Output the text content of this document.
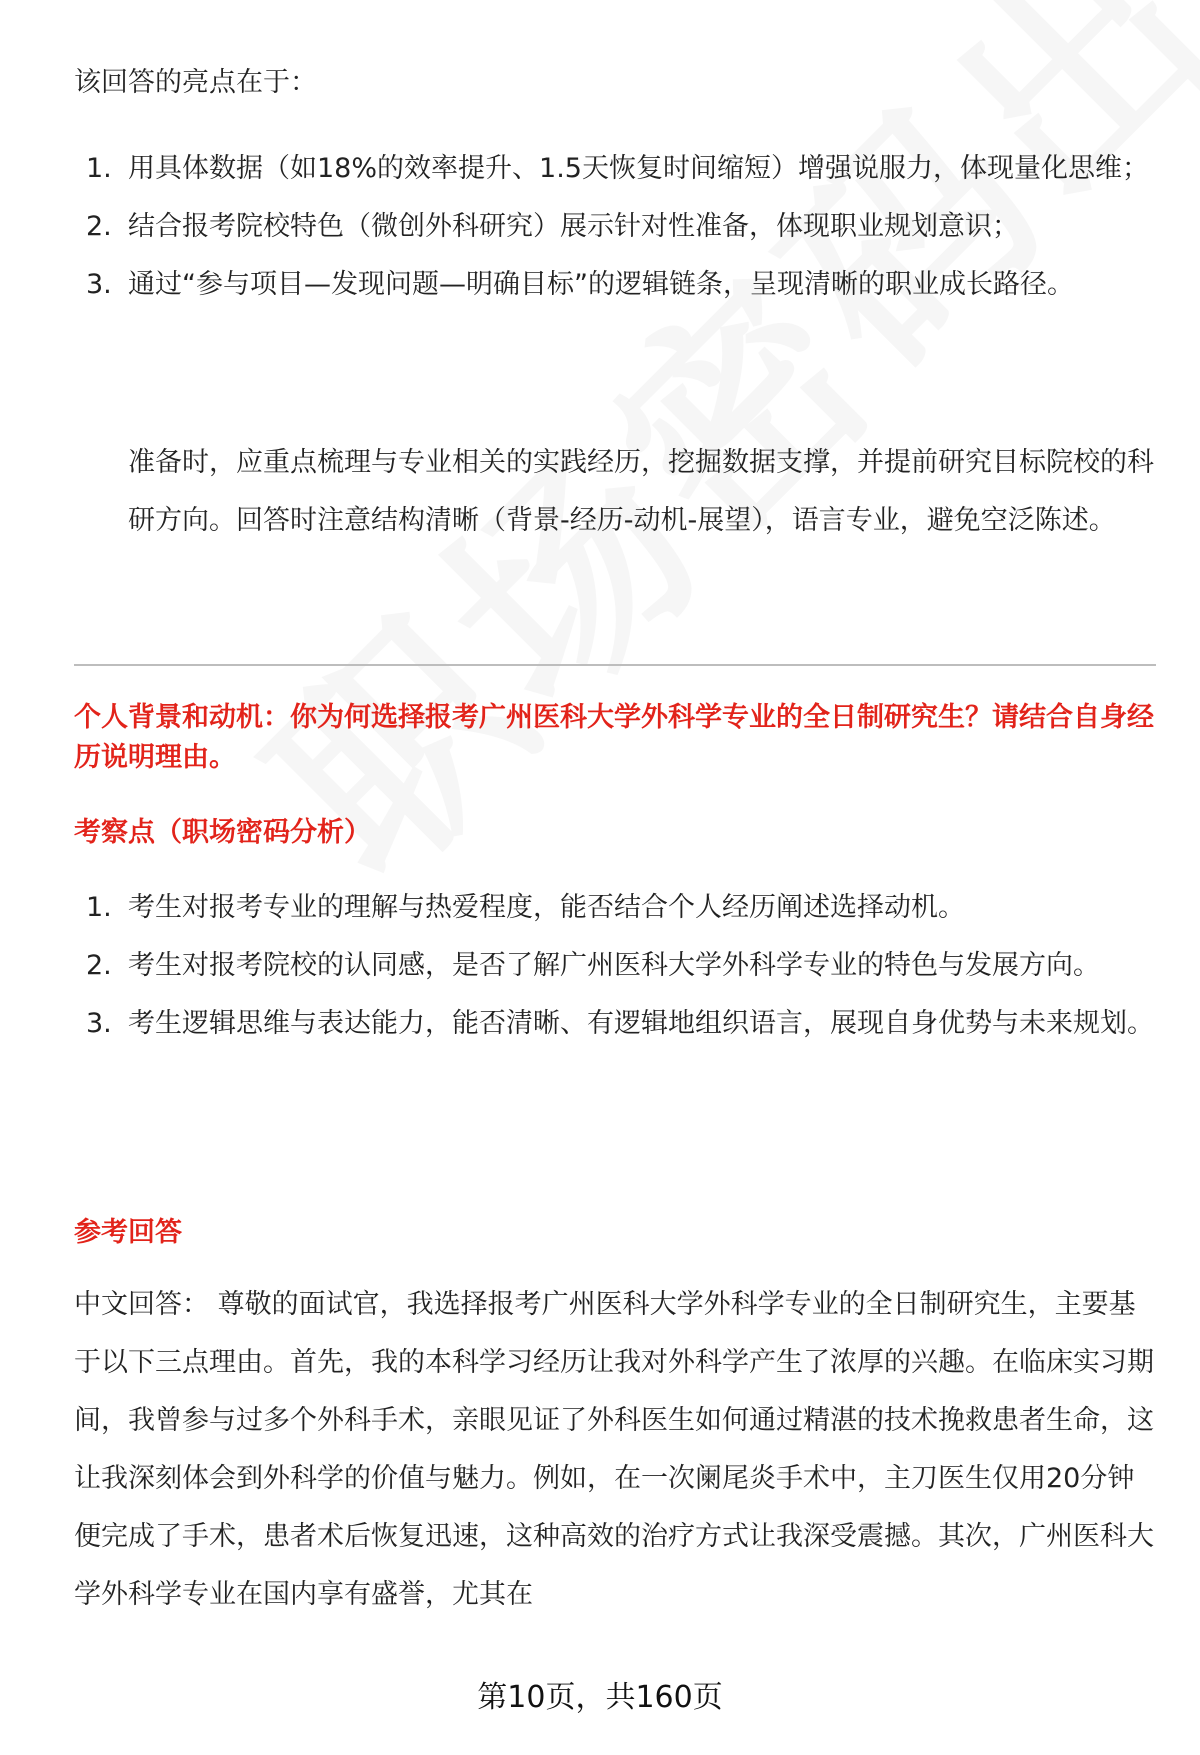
该回答的亮点在于：

1. 用具体数据（如18%的效率提升、1.5天恢复时间缩短）增强说服力，体现量化思维；
2. 结合报考院校特色（微创外科研究）展示针对性准备，体现职业规划意识；
3. 通过“参与项目—发现问题—明确目标”的逻辑链条，呈现清晰的职业成长路径。

准备时，应重点梳理与专业相关的实践经历，挖掘数据支撑，并提前研究目标院校的科研方向。回答时注意结构清晰（背景-经历-动机-展望），语言专业，避免空泛陈述。

个人背景和动机：你为何选择报考广州医科大学外科学专业的全日制研究生？请结合自身经历说明理由。

考察点（职场密码分析）

1. 考生对报考专业的理解与热爱程度，能否结合个人经历阐述选择动机。
2. 考生对报考院校的认同感，是否了解广州医科大学外科学专业的特色与发展方向。
3. 考生逻辑思维与表达能力，能否清晰、有逻辑地组织语言，展现自身优势与未来规划。

参考回答

中文回答： 尊敬的面试官，我选择报考广州医科大学外科学专业的全日制研究生，主要基于以下三点理由。首先，我的本科学习经历让我对外科学产生了浓厚的兴趣。在临床实习期间，我曾参与过多个外科手术，亲眼见证了外科医生如何通过精湛的技术挽救患者生命，这让我深刻体会到外科学的价值与魅力。例如，在一次阑尾炎手术中，主刀医生仅用20分钟便完成了手术，患者术后恢复迅速，这种高效的治疗方式让我深受震撼。其次，广州医科大学外科学专业在国内享有盛誉，尤其在

第10页，共160页
